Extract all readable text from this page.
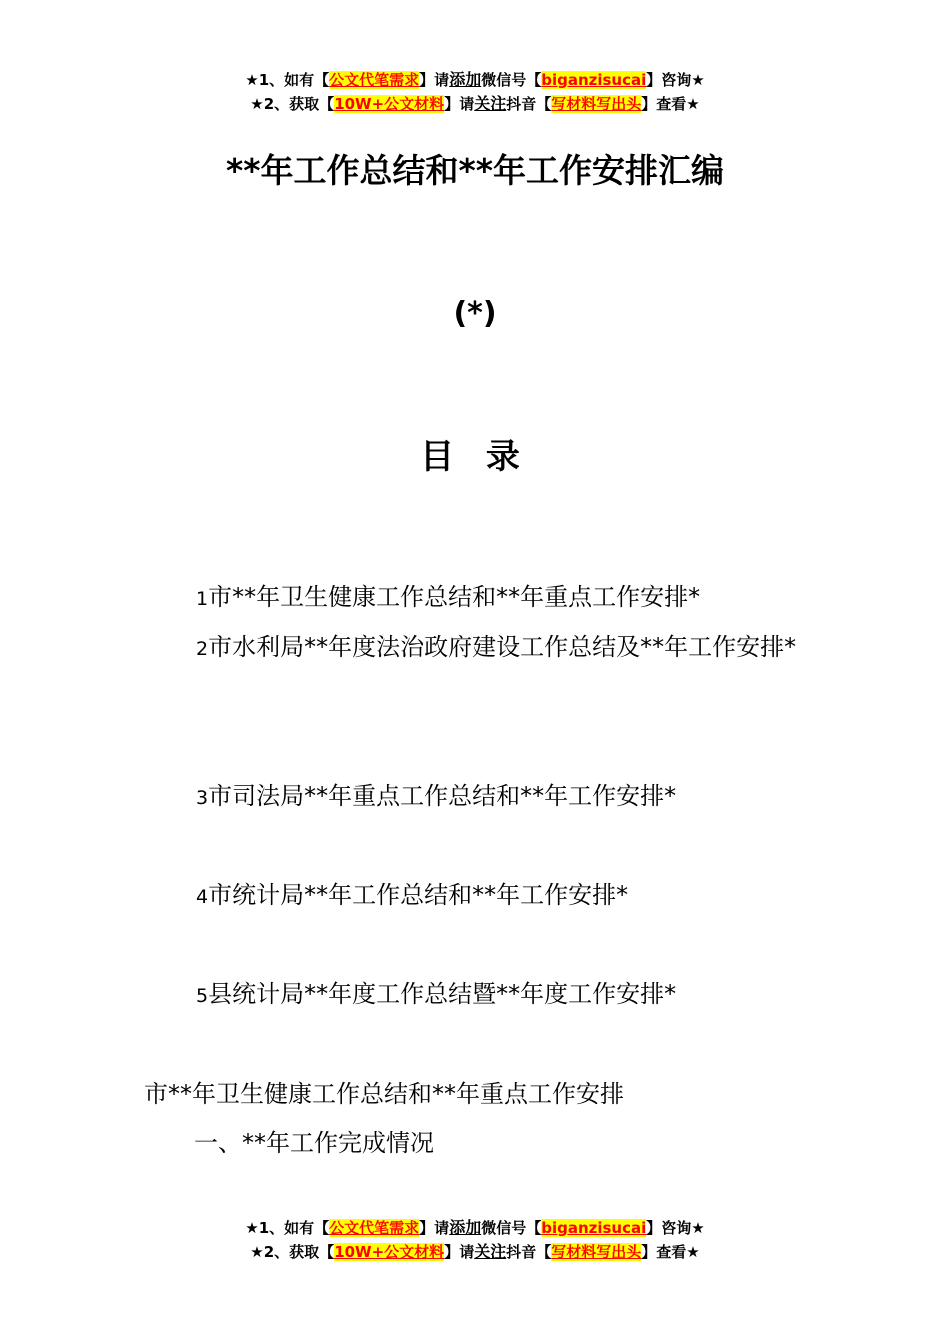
★1、如有【公文代笔需求】请添加微信号【biganzisucai】咨询★
★2、获取【10W+公文材料】请关注抖音【写材料写出头】查看★
**年工作总结和**年工作安排汇编
(*)
目 录
1市**年卫生健康工作总结和**年重点工作安排*
2市水利局**年度法治政府建设工作总结及**年工作安排*
3市司法局**年重点工作总结和**年工作安排*
4市统计局**年工作总结和**年工作安排*
5县统计局**年度工作总结暨**年度工作安排*
市**年卫生健康工作总结和**年重点工作安排
一、**年工作完成情况
★1、如有【公文代笔需求】请添加微信号【biganzisucai】咨询★
★2、获取【10W+公文材料】请关注抖音【写材料写出头】查看★
